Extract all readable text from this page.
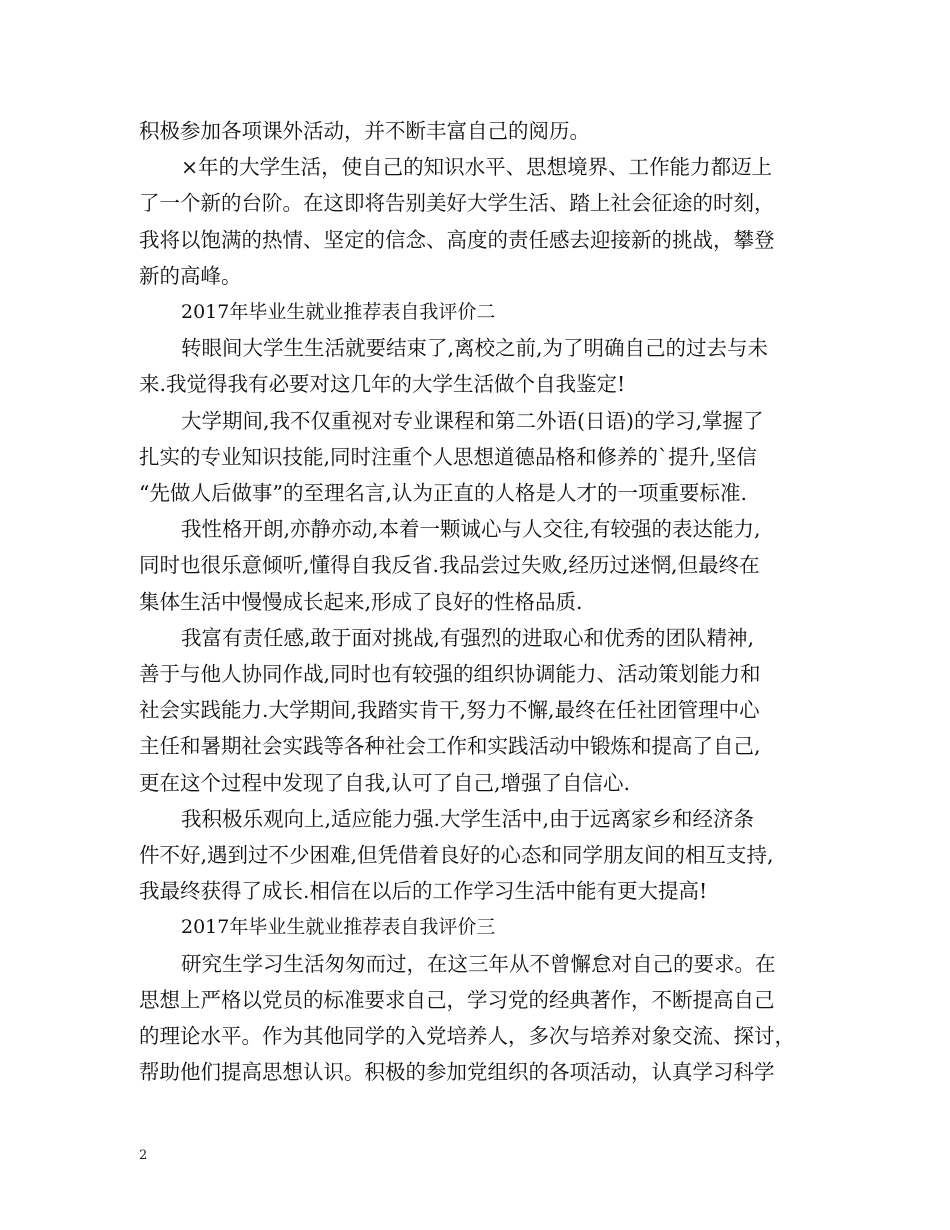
积极参加各项课外活动，并不断丰富自己的阅历。
×年的大学生活，使自己的知识水平、思想境界、工作能力都迈上
了一个新的台阶。在这即将告别美好大学生活、踏上社会征途的时刻，
我将以饱满的热情、坚定的信念、高度的责任感去迎接新的挑战，攀登
新的高峰。
2017年毕业生就业推荐表自我评价二
转眼间大学生生活就要结束了,离校之前,为了明确自己的过去与未
来.我觉得我有必要对这几年的大学生活做个自我鉴定!
大学期间,我不仅重视对专业课程和第二外语(日语)的学习,掌握了
扎实的专业知识技能,同时注重个人思想道德品格和修养的`提升,坚信
“先做人后做事”的至理名言,认为正直的人格是人才的一项重要标准.
我性格开朗,亦静亦动,本着一颗诚心与人交往,有较强的表达能力,
同时也很乐意倾听,懂得自我反省.我品尝过失败,经历过迷惘,但最终在
集体生活中慢慢成长起来,形成了良好的性格品质.
我富有责任感,敢于面对挑战,有强烈的进取心和优秀的团队精神,
善于与他人协同作战,同时也有较强的组织协调能力、活动策划能力和
社会实践能力.大学期间,我踏实肯干,努力不懈,最终在任社团管理中心
主任和暑期社会实践等各种社会工作和实践活动中锻炼和提高了自己,
更在这个过程中发现了自我,认可了自己,增强了自信心.
我积极乐观向上,适应能力强.大学生活中,由于远离家乡和经济条
件不好,遇到过不少困难,但凭借着良好的心态和同学朋友间的相互支持,
我最终获得了成长.相信在以后的工作学习生活中能有更大提高!
2017年毕业生就业推荐表自我评价三
研究生学习生活匆匆而过，在这三年从不曾懈怠对自己的要求。在
思想上严格以党员的标准要求自己，学习党的经典著作，不断提高自己
的理论水平。作为其他同学的入党培养人，多次与培养对象交流、探讨，
帮助他们提高思想认识。积极的参加党组织的各项活动，认真学习科学
2
